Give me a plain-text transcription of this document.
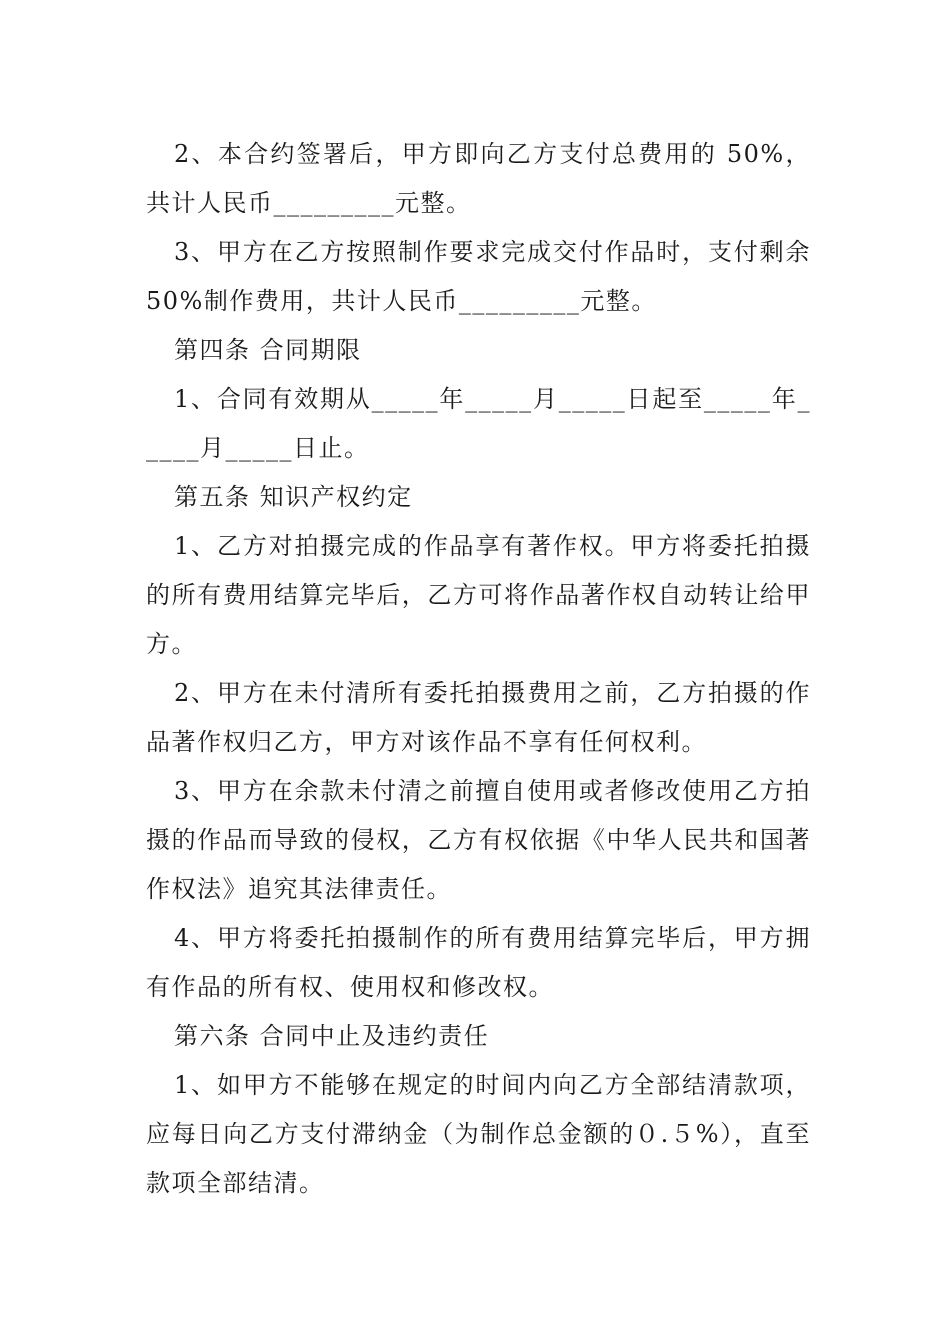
2、本合约签署后，甲方即向乙方支付总费用的 50%，共计人民币_________元整。

3、甲方在乙方按照制作要求完成交付作品时，支付剩余50%制作费用，共计人民币_________元整。

第四条 合同期限

1、合同有效期从_____年_____月_____日起至_____年_____月_____日止。

第五条 知识产权约定

1、乙方对拍摄完成的作品享有著作权。甲方将委托拍摄的所有费用结算完毕后，乙方可将作品著作权自动转让给甲方。

2、甲方在未付清所有委托拍摄费用之前，乙方拍摄的作品著作权归乙方，甲方对该作品不享有任何权利。

3、甲方在余款未付清之前擅自使用或者修改使用乙方拍摄的作品而导致的侵权，乙方有权依据《中华人民共和国著作权法》追究其法律责任。

4、甲方将委托拍摄制作的所有费用结算完毕后，甲方拥有作品的所有权、使用权和修改权。

第六条 合同中止及违约责任

1、如甲方不能够在规定的时间内向乙方全部结清款项，应每日向乙方支付滞纳金（为制作总金额的０.５%），直至款项全部结清。
